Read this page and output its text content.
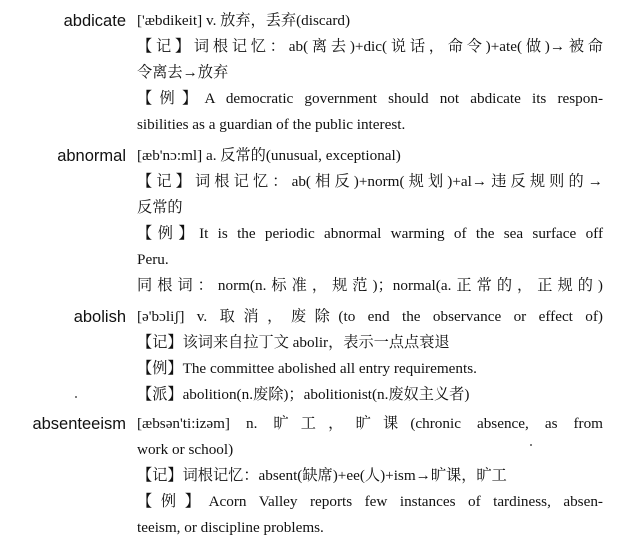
abdicate ['æbdikeit] v. 放弃，丢弃(discard)
【记】词根记忆：ab(离去)+dic(说话，命令)+ate(做)→被命
令离去→放弃
【例】A democratic government should not abdicate its respon-
sibilities as a guardian of the public interest.
abnormal [æb'nɔ:ml] a. 反常的(unusual, exceptional)
【记】词根记忆：ab(相反)+norm(规划)+al→违反规则的→
反常的
【例】It is the periodic abnormal warming of the sea surface off
Peru.
同根词：norm(n.标准，规范)；normal(a.正常的，正规的)
abolish [ə'bɔliʃ] v. 取消，废除(to end the observance or effect of)
【记】该词来自拉丁文 abolir，表示一点点衰退
【例】The committee abolished all entry requirements.
【派】abolition(n.废除)；abolitionist(n.废奴主义者)
absenteeism [æbsən'ti:izəm] n. 旷工，旷课(chronic absence, as from
work or school)
【记】词根记忆：absent(缺席)+ee(人)+ism→旷课，旷工
【例】Acorn Valley reports few instances of tardiness, absen-
teeism, or discipline problems.
